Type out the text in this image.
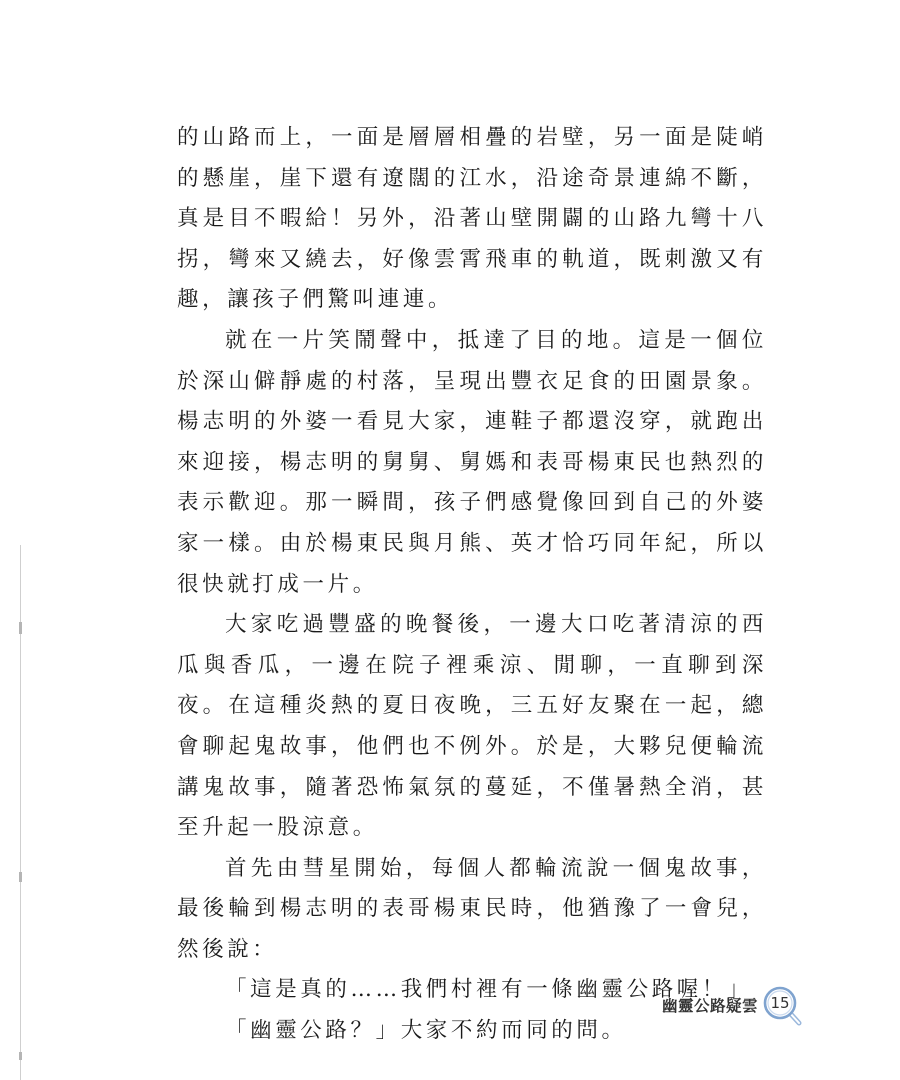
的山路而上，一面是層層相疊的岩壁，另一面是陡峭的懸崖，崖下還有遼闊的江水，沿途奇景連綿不斷，真是目不暇給！另外，沿著山壁開闢的山路九彎十八拐，彎來又繞去，好像雲霄飛車的軌道，既刺激又有趣，讓孩子們驚叫連連。

就在一片笑鬧聲中，抵達了目的地。這是一個位於深山僻靜處的村落，呈現出豐衣足食的田園景象。楊志明的外婆一看見大家，連鞋子都還沒穿，就跑出來迎接，楊志明的舅舅、舅媽和表哥楊東民也熱烈的表示歡迎。那一瞬間，孩子們感覺像回到自己的外婆家一樣。由於楊東民與月熊、英才恰巧同年紀，所以很快就打成一片。

大家吃過豐盛的晚餐後，一邊大口吃著清涼的西瓜與香瓜，一邊在院子裡乘涼、閒聊，一直聊到深夜。在這種炎熱的夏日夜晚，三五好友聚在一起，總會聊起鬼故事，他們也不例外。於是，大夥兒便輪流講鬼故事，隨著恐怖氣氛的蔓延，不僅暑熱全消，甚至升起一股涼意。

首先由彗星開始，每個人都輪流說一個鬼故事，最後輪到楊志明的表哥楊東民時，他猶豫了一會兒，然後說：

「這是真的……我們村裡有一條幽靈公路喔！」

「幽靈公路？」大家不約而同的問。

幽靈公路疑雲 15
